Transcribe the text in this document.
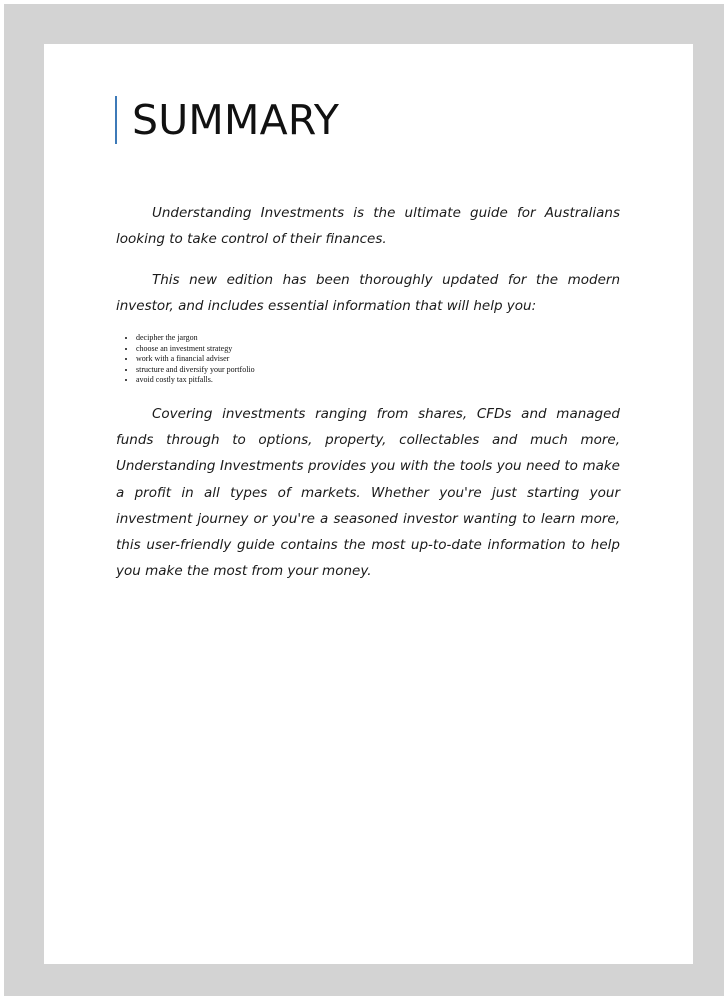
SUMMARY

Understanding Investments is the ultimate guide for Australians looking to take control of their finances.

This new edition has been thoroughly updated for the modern investor, and includes essential information that will help you:

• decipher the jargon
• choose an investment strategy
• work with a financial adviser
• structure and diversify your portfolio
• avoid costly tax pitfalls.

Covering investments ranging from shares, CFDs and managed funds through to options, property, collectables and much more, Understanding Investments provides you with the tools you need to make a profit in all types of markets. Whether you're just starting your investment journey or you're a seasoned investor wanting to learn more, this user-friendly guide contains the most up-to-date information to help you make the most from your money.
